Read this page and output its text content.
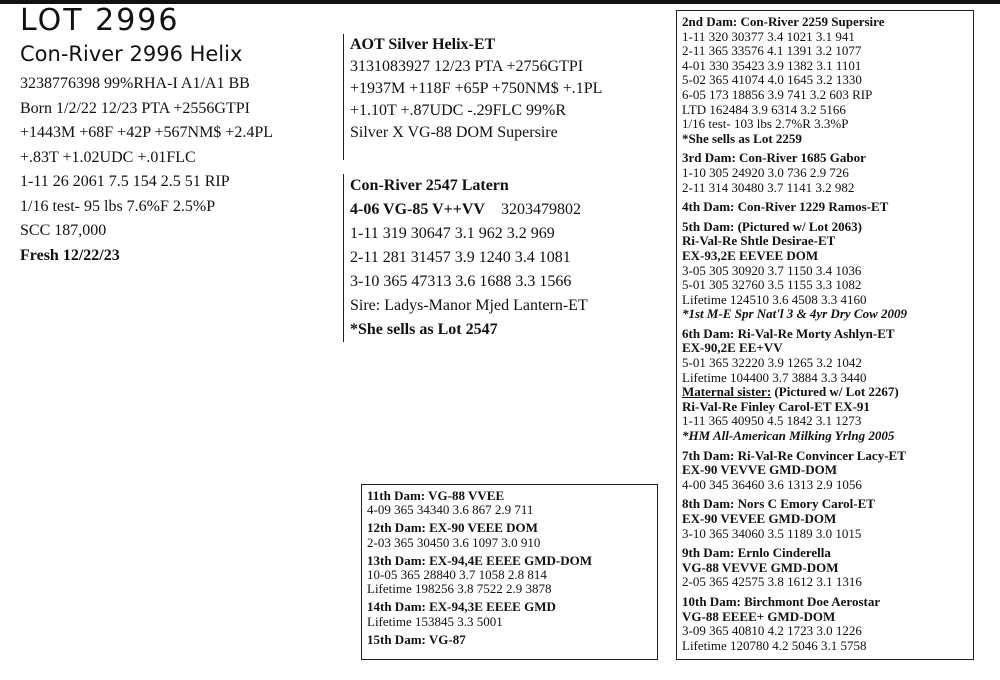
LOT 2996
Con-River 2996 Helix
3238776398 99%RHA-I A1/A1 BB
Born 1/2/22 12/23 PTA +2556GTPI
+1443M +68F +42P +567NM$ +2.4PL
+.83T +1.02UDC +.01FLC
1-11 26 2061 7.5 154 2.5 51 RIP
1/16 test- 95 lbs 7.6%F 2.5%P
SCC 187,000
Fresh 12/22/23
AOT Silver Helix-ET
3131083927 12/23 PTA +2756GTPI
+1937M +118F +65P +750NM$ +.1PL
+1.10T +.87UDC -.29FLC 99%R
Silver X VG-88 DOM Supersire
Con-River 2547 Latern
4-06 VG-85 V++VV 3203479802
1-11 319 30647 3.1 962 3.2 969
2-11 281 31457 3.9 1240 3.4 1081
3-10 365 47313 3.6 1688 3.3 1566
Sire: Ladys-Manor Mjed Lantern-ET
*She sells as Lot 2547
2nd Dam: Con-River 2259 Supersire
1-11 320 30377 3.4 1021 3.1 941
2-11 365 33576 4.1 1391 3.2 1077
4-01 330 35423 3.9 1382 3.1 1101
5-02 365 41074 4.0 1645 3.2 1330
6-05 173 18856 3.9 741 3.2 603 RIP
LTD 162484 3.9 6314 3.2 5166
1/16 test- 103 lbs 2.7%R 3.3%P
*She sells as Lot 2259
3rd Dam: Con-River 1685 Gabor
1-10 305 24920 3.0 736 2.9 726
2-11 314 30480 3.7 1141 3.2 982
4th Dam: Con-River 1229 Ramos-ET
5th Dam: (Pictured w/ Lot 2063)
Ri-Val-Re Shtle Desirae-ET
EX-93,2E EEVEE DOM
3-05 305 30920 3.7 1150 3.4 1036
5-01 305 32760 3.5 1155 3.3 1082
Lifetime 124510 3.6 4508 3.3 4160
*1st M-E Spr Nat'l 3 & 4yr Dry Cow 2009
6th Dam: Ri-Val-Re Morty Ashlyn-ET
EX-90,2E EE+VV
5-01 365 32220 3.9 1265 3.2 1042
Lifetime 104400 3.7 3884 3.3 3440
Maternal sister: (Pictured w/ Lot 2267)
Ri-Val-Re Finley Carol-ET EX-91
1-11 365 40950 4.5 1842 3.1 1273
*HM All-American Milking Yrlng 2005
7th Dam: Ri-Val-Re Convincer Lacy-ET
EX-90 VEVVE GMD-DOM
4-00 345 36460 3.6 1313 2.9 1056
8th Dam: Nors C Emory Carol-ET
EX-90 VEVEE GMD-DOM
3-10 365 34060 3.5 1189 3.0 1015
9th Dam: Ernlo Cinderella
VG-88 VEVVE GMD-DOM
2-05 365 42575 3.8 1612 3.1 1316
10th Dam: Birchmont Doe Aerostar
VG-88 EEEE+ GMD-DOM
3-09 365 40810 4.2 1723 3.0 1226
Lifetime 120780 4.2 5046 3.1 5758
11th Dam: VG-88 VVEE
4-09 365 34340 3.6 867 2.9 711
12th Dam: EX-90 VEEE DOM
2-03 365 30450 3.6 1097 3.0 910
13th Dam: EX-94,4E EEEE GMD-DOM
10-05 365 28840 3.7 1058 2.8 814
Lifetime 198256 3.8 7522 2.9 3878
14th Dam: EX-94,3E EEEE GMD
Lifetime 153845 3.3 5001
15th Dam: VG-87
